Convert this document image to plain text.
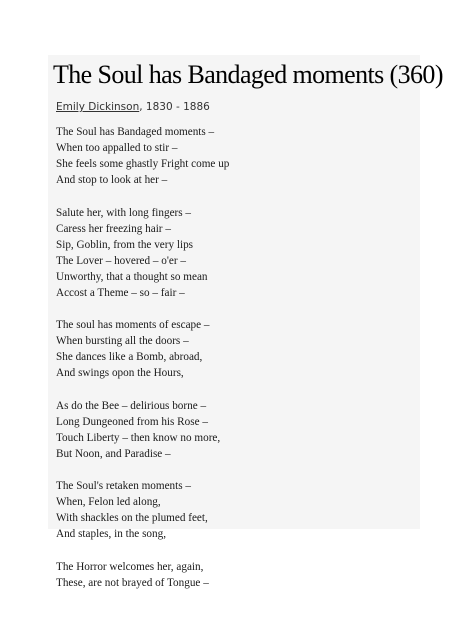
The Soul has Bandaged moments (360)
Emily Dickinson, 1830 - 1886
The Soul has Bandaged moments –
When too appalled to stir –
She feels some ghastly Fright come up
And stop to look at her –
Salute her, with long fingers –
Caress her freezing hair –
Sip, Goblin, from the very lips
The Lover – hovered – o'er –
Unworthy, that a thought so mean
Accost a Theme – so – fair –
The soul has moments of escape –
When bursting all the doors –
She dances like a Bomb, abroad,
And swings opon the Hours,
As do the Bee – delirious borne –
Long Dungeoned from his Rose –
Touch Liberty – then know no more,
But Noon, and Paradise –
The Soul's retaken moments –
When, Felon led along,
With shackles on the plumed feet,
And staples, in the song,
The Horror welcomes her, again,
These, are not brayed of Tongue –
